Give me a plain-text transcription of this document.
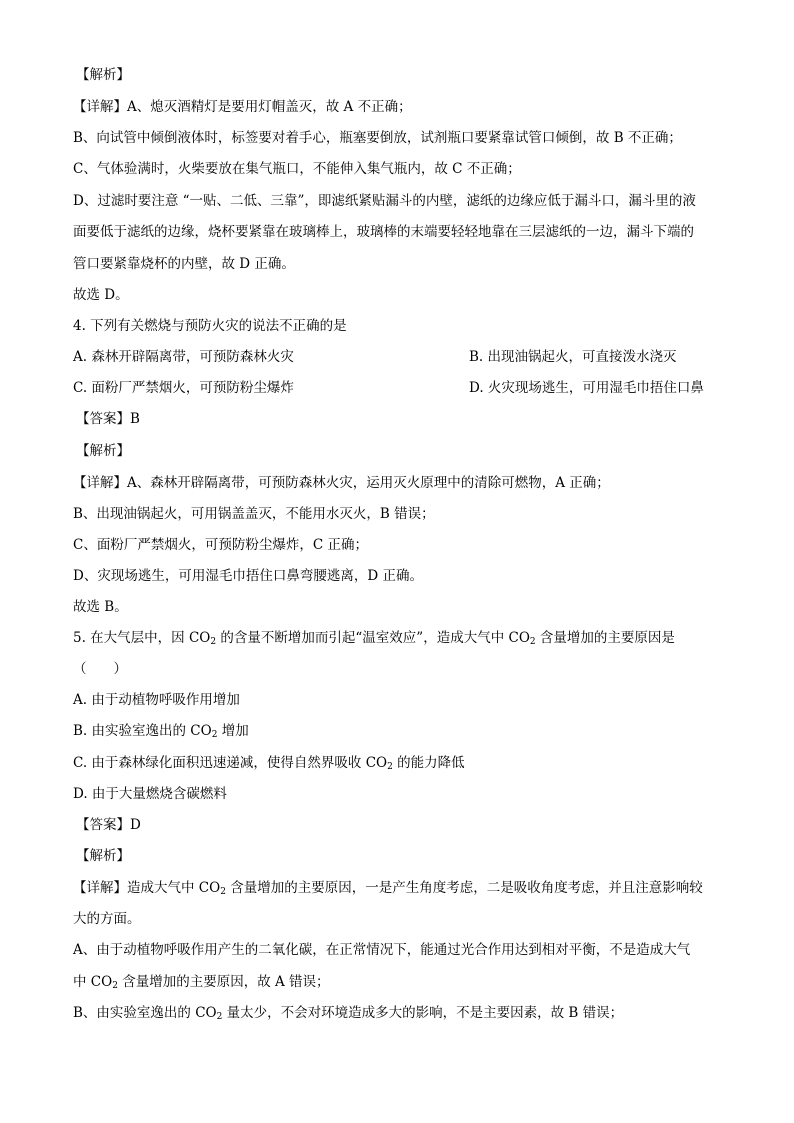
【解析】
【详解】A、熄灭酒精灯是要用灯帽盖灭，故 A 不正确；
B、向试管中倾倒液体时，标签要对着手心，瓶塞要倒放，试剂瓶口要紧靠试管口倾倒，故 B 不正确；
C、气体验满时，火柴要放在集气瓶口，不能伸入集气瓶内，故 C 不正确；
D、过滤时要注意 “一贴、二低、三靠”，即滤纸紧贴漏斗的内壁，滤纸的边缘应低于漏斗口，漏斗里的液
面要低于滤纸的边缘，烧杯要紧靠在玻璃棒上，玻璃棒的末端要轻轻地靠在三层滤纸的一边，漏斗下端的
管口要紧靠烧杯的内壁，故 D 正确。
故选 D。
4. 下列有关燃烧与预防火灾的说法不正确的是
A. 森林开辟隔离带，可预防森林火灾	B. 出现油锅起火，可直接泼水浇灭
C. 面粉厂严禁烟火，可预防粉尘爆炸	D. 火灾现场逃生，可用湿毛巾捂住口鼻
【答案】B
【解析】
【详解】A、森林开辟隔离带，可预防森林火灾，运用灭火原理中的清除可燃物，A 正确；
B、出现油锅起火，可用锅盖盖灭，不能用水灭火，B 错误；
C、面粉厂严禁烟火，可预防粉尘爆炸，C 正确；
D、灾现场逃生，可用湿毛巾捂住口鼻弯腰逃离，D 正确。
故选 B。
5. 在大气层中，因 $CO_2$ 的含量不断增加而引起“温室效应”，造成大气中 $CO_2$ 含量增加的主要原因是
（　　）
A. 由于动植物呼吸作用增加
B. 由实验室逸出的 $CO_2$ 增加
C. 由于森林绿化面积迅速递减，使得自然界吸收 $CO_2$ 的能力降低
D. 由于大量燃烧含碳燃料
【答案】D
【解析】
【详解】造成大气中 $CO_2$ 含量增加的主要原因，一是产生角度考虑，二是吸收角度考虑，并且注意影响较
大的方面。
A、由于动植物呼吸作用产生的二氧化碳，在正常情况下，能通过光合作用达到相对平衡，不是造成大气
中 $CO_2$ 含量增加的主要原因，故 A 错误；
B、由实验室逸出的 $CO_2$ 量太少，不会对环境造成多大的影响，不是主要因素，故 B 错误；
